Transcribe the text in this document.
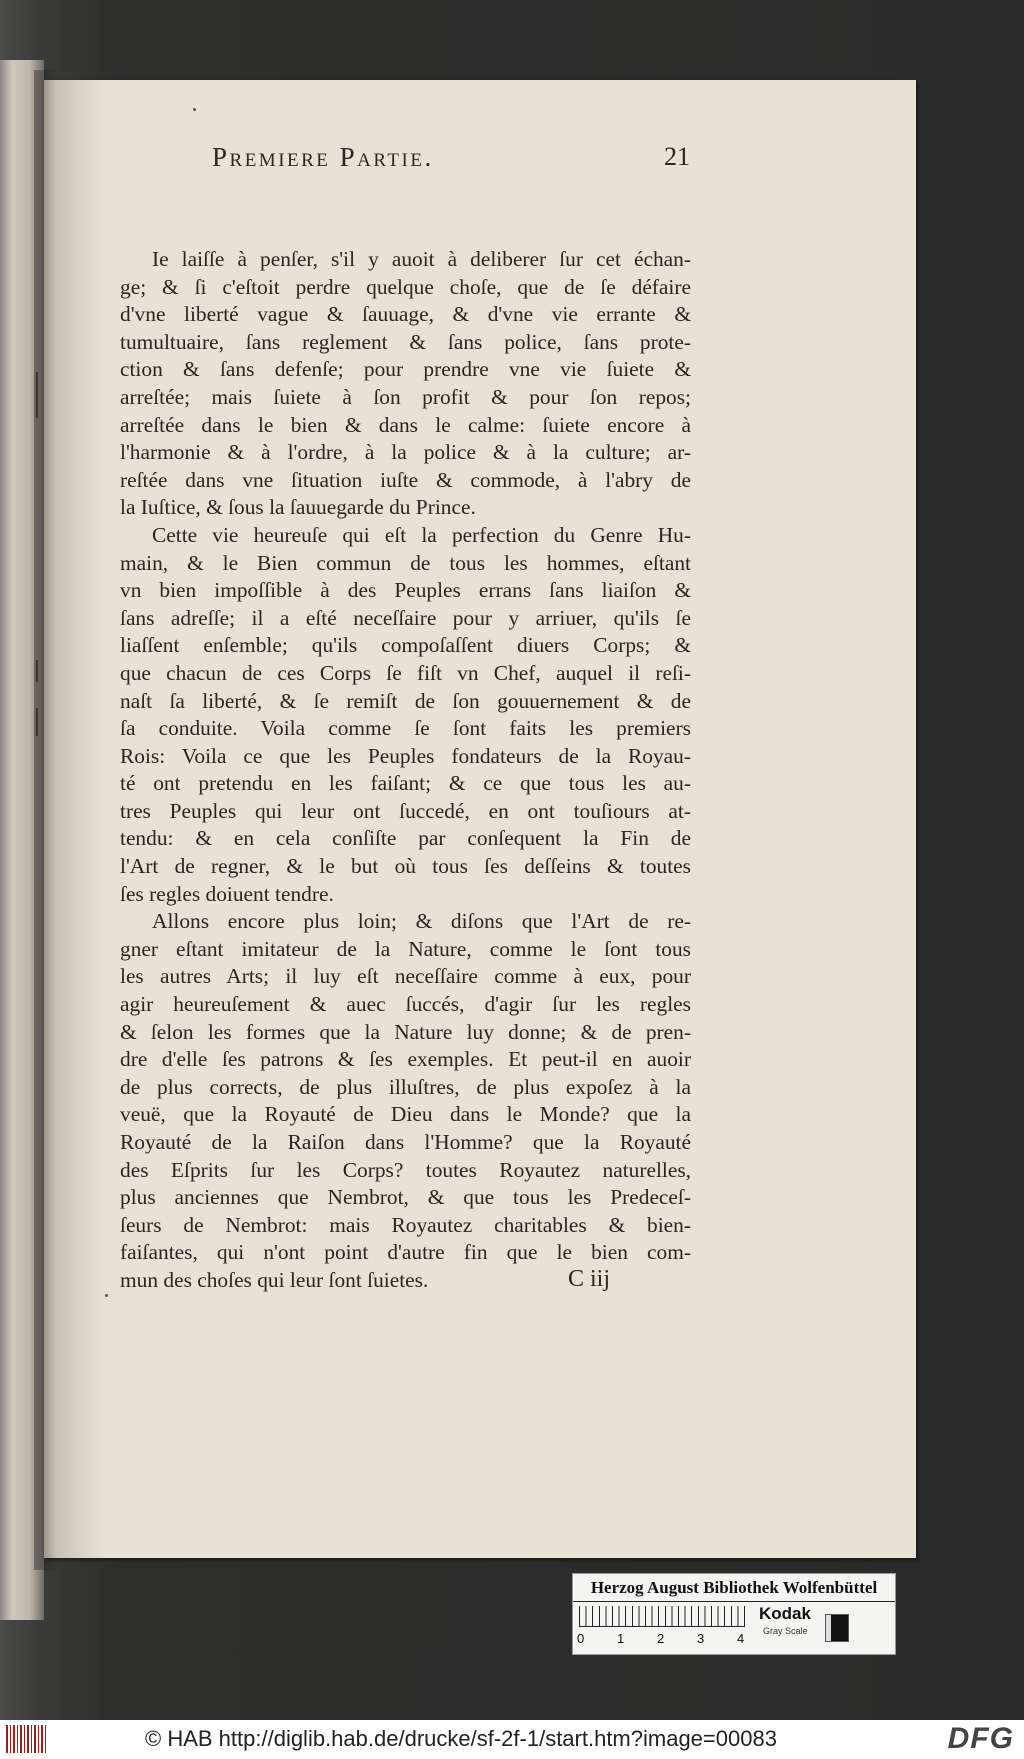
Premiere Partie.	21
Ie laiſſe à penſer, s'il y auoit à deliberer ſur cet échan-
ge; & ſi c'eſtoit perdre quelque choſe, que de ſe défaire
d'vne liberté vague & ſauuage, & d'vne vie errante &
tumultuaire, ſans reglement & ſans police, ſans prote-
ction & ſans defenſe; pour prendre vne vie ſuiete &
arreſtée; mais ſuiete à ſon profit & pour ſon repos;
arreſtée dans le bien & dans le calme: ſuiete encore à
l'harmonie & à l'ordre, à la police & à la culture; ar-
reſtée dans vne ſituation iuſte & commode, à l'abry de
la Iuſtice, & ſous la ſauuegarde du Prince.
Cette vie heureuſe qui eſt la perfection du Genre Hu-
main, & le Bien commun de tous les hommes, eſtant
vn bien impoſſible à des Peuples errans ſans liaiſon &
ſans adreſſe; il a eſté neceſſaire pour y arriuer, qu'ils ſe
liaſſent enſemble; qu'ils compoſaſſent diuers Corps; &
que chacun de ces Corps ſe fiſt vn Chef, auquel il reſi-
naſt ſa liberté, & ſe remiſt de ſon gouuernement & de
ſa conduite. Voila comme ſe ſont faits les premiers
Rois: Voila ce que les Peuples fondateurs de la Royau-
té ont pretendu en les faiſant; & ce que tous les au-
tres Peuples qui leur ont ſuccedé, en ont touſiours at-
tendu: & en cela conſiſte par conſequent la Fin de
l'Art de regner, & le but où tous ſes deſſeins & toutes
ſes regles doiuent tendre.
Allons encore plus loin; & diſons que l'Art de re-
gner eſtant imitateur de la Nature, comme le ſont tous
les autres Arts; il luy eſt neceſſaire comme à eux, pour
agir heureuſement & auec ſuccés, d'agir ſur les regles
& ſelon les formes que la Nature luy donne; & de pren-
dre d'elle ſes patrons & ſes exemples. Et peut-il en auoir
de plus corrects, de plus illuſtres, de plus expoſez à la
veuë, que la Royauté de Dieu dans le Monde? que la
Royauté de la Raiſon dans l'Homme? que la Royauté
des Eſprits ſur les Corps? toutes Royautez naturelles,
plus anciennes que Nembrot, & que tous les Predeceſ-
ſeurs de Nembrot: mais Royautez charitables & bien-
faiſantes, qui n'ont point d'autre fin que le bien com-
mun des choſes qui leur ſont ſuietes.	C iij
Herzog August Bibliothek Wolfenbüttel
0	1	2	3	4
Kodak
Gray Scale
© HAB http://diglib.hab.de/drucke/sf-2f-1/start.htm?image=00083	DFG
